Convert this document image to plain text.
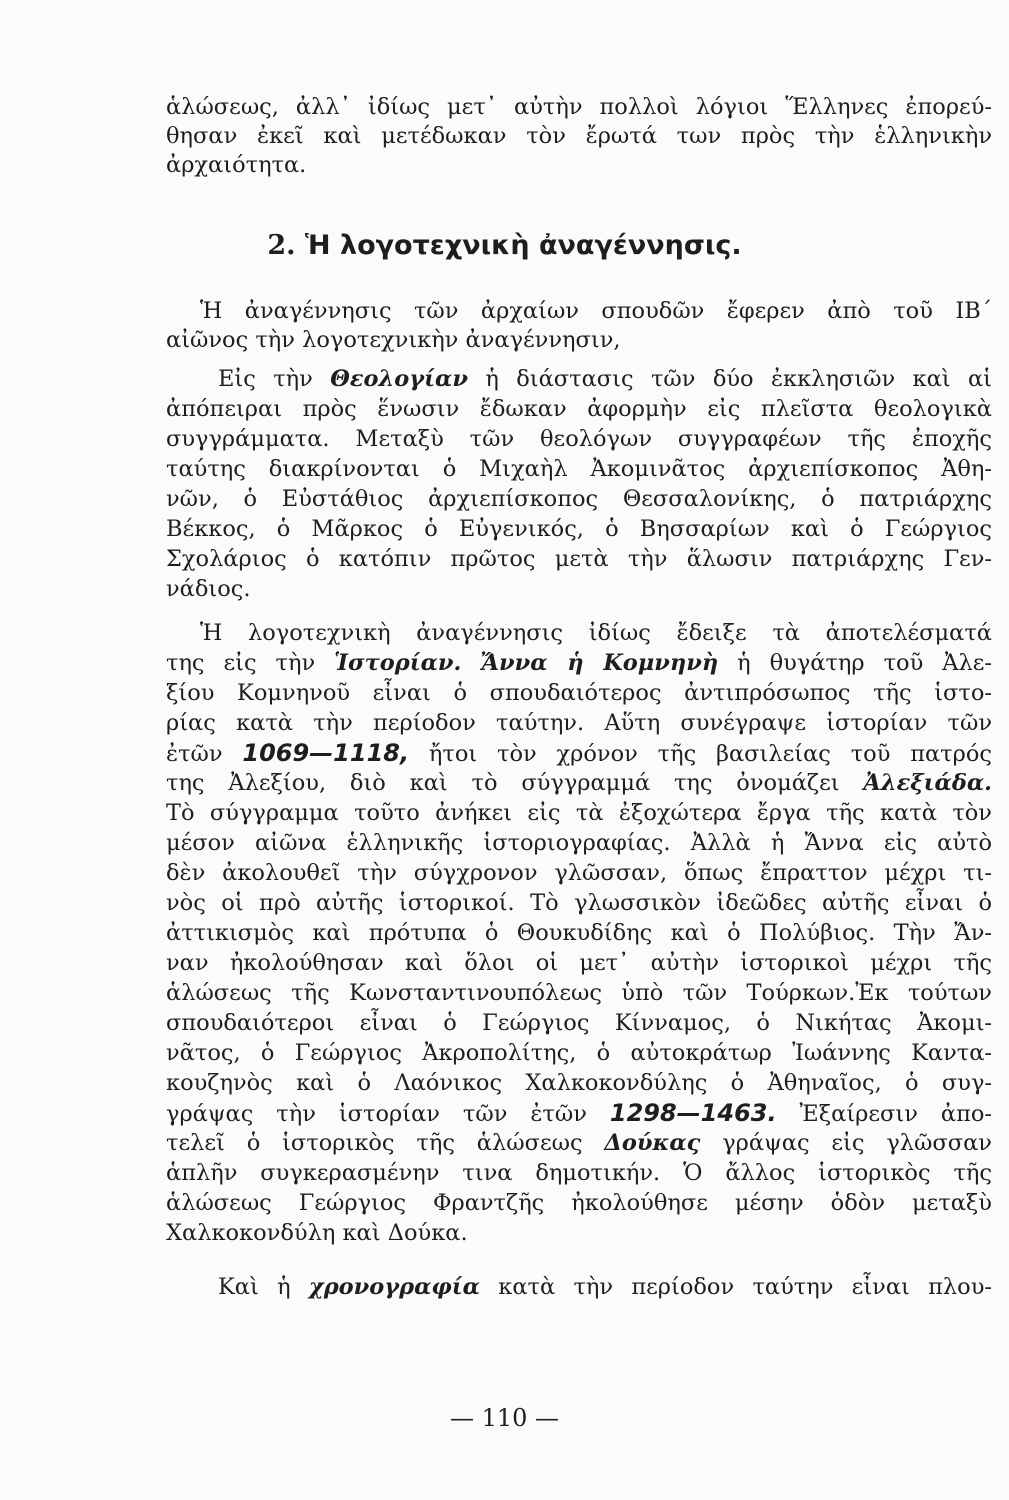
2. Ἡ λογοτεχνικὴ ἀναγέννησις.
ἁλώσεως, ἀλλ᾽ ἰδίως μετ᾽ αὐτὴν πολλοὶ λόγιοι Ἕλληνες ἐπορεύ-
θησαν ἐκεῖ καὶ μετέδωκαν τὸν ἔρωτά των πρὸς τὴν ἑλληνικὴν
ἀρχαιότητα.
Ἡ ἀναγέννησις τῶν ἀρχαίων σπουδῶν ἔφερεν ἀπὸ τοῦ ΙΒ΄
αἰῶνος τὴν λογοτεχνικὴν ἀναγέννησιν,
Εἰς τὴν Θεολογίαν ἡ διάστασις τῶν δύο ἐκκλησιῶν καὶ αἱ
ἀπόπειραι πρὸς ἕνωσιν ἔδωκαν ἀφορμὴν εἰς πλεῖστα θεολογικὰ
συγγράμματα. Μεταξὺ τῶν θεολόγων συγγραφέων τῆς ἐποχῆς
ταύτης διακρίνονται ὁ Μιχαὴλ Ἀκομινᾶτος ἀρχιεπίσκοπος Ἀθη-
νῶν, ὁ Εὐστάθιος ἀρχιεπίσκοπος Θεσσαλονίκης, ὁ πατριάρχης
Βέκκος, ὁ Μᾶρκος ὁ Εὐγενικός, ὁ Βησσαρίων καὶ ὁ Γεώργιος
Σχολάριος ὁ κατόπιν πρῶτος μετὰ τὴν ἅλωσιν πατριάρχης Γεν-
νάδιος.
Ἡ λογοτεχνικὴ ἀναγέννησις ἰδίως ἔδειξε τὰ ἀποτελέσματά
της εἰς τὴν Ἱστορίαν. Ἄννα ἡ Κομνηνὴ ἡ θυγάτηρ τοῦ Ἀλε-
ξίου Κομνηνοῦ εἶναι ὁ σπουδαιότερος ἀντιπρόσωπος τῆς ἱστο-
ρίας κατὰ τὴν περίοδον ταύτην. Αὕτη συνέγραψε ἱστορίαν τῶν
ἐτῶν 1069—1118, ἤτοι τὸν χρόνον τῆς βασιλείας τοῦ πατρός
της Ἀλεξίου, διὸ καὶ τὸ σύγγραμμά της ὀνομάζει Ἀλεξιάδα.
Τὸ σύγγραμμα τοῦτο ἀνήκει εἰς τὰ ἐξοχώτερα ἔργα τῆς κατὰ τὸν
μέσον αἰῶνα ἑλληνικῆς ἱστοριογραφίας. Ἀλλὰ ἡ Ἄννα εἰς αὐτὸ
δὲν ἀκολουθεῖ τὴν σύγχρονον γλῶσσαν, ὅπως ἔπραττον μέχρι τι-
νὸς οἱ πρὸ αὐτῆς ἱστορικοί. Τὸ γλωσσικὸν ἰδεῶδες αὐτῆς εἶναι ὁ
ἀττικισμὸς καὶ πρότυπα ὁ Θουκυδίδης καὶ ὁ Πολύβιος. Τὴν Ἄν-
ναν ἠκολούθησαν καὶ ὅλοι οἱ μετ᾽ αὐτὴν ἱστορικοὶ μέχρι τῆς
ἁλώσεως τῆς Κωνσταντινουπόλεως ὑπὸ τῶν Τούρκων.Ἐκ τούτων
σπουδαιότεροι εἶναι ὁ Γεώργιος Κίνναμος, ὁ Νικήτας Ἀκομι-
νᾶτος, ὁ Γεώργιος Ἀκροπολίτης, ὁ αὐτοκράτωρ Ἰωάννης Καντα-
κουζηνὸς καὶ ὁ Λαόνικος Χαλκοκονδύλης ὁ Ἀθηναῖος, ὁ συγ-
γράψας τὴν ἱστορίαν τῶν ἐτῶν 1298—1463. Ἐξαίρεσιν ἀπο-
τελεῖ ὁ ἱστορικὸς τῆς ἁλώσεως Δούκας γράψας εἰς γλῶσσαν
ἁπλῆν συγκερασμένην τινα δημοτικήν. Ὁ ἄλλος ἱστορικὸς τῆς
ἁλώσεως Γεώργιος Φραντζῆς ἠκολούθησε μέσην ὁδὸν μεταξὺ
Χαλκοκονδύλη καὶ Δούκα.
Καὶ ἡ χρονογραφία κατὰ τὴν περίοδον ταύτην εἶναι πλου-
— 110 —
